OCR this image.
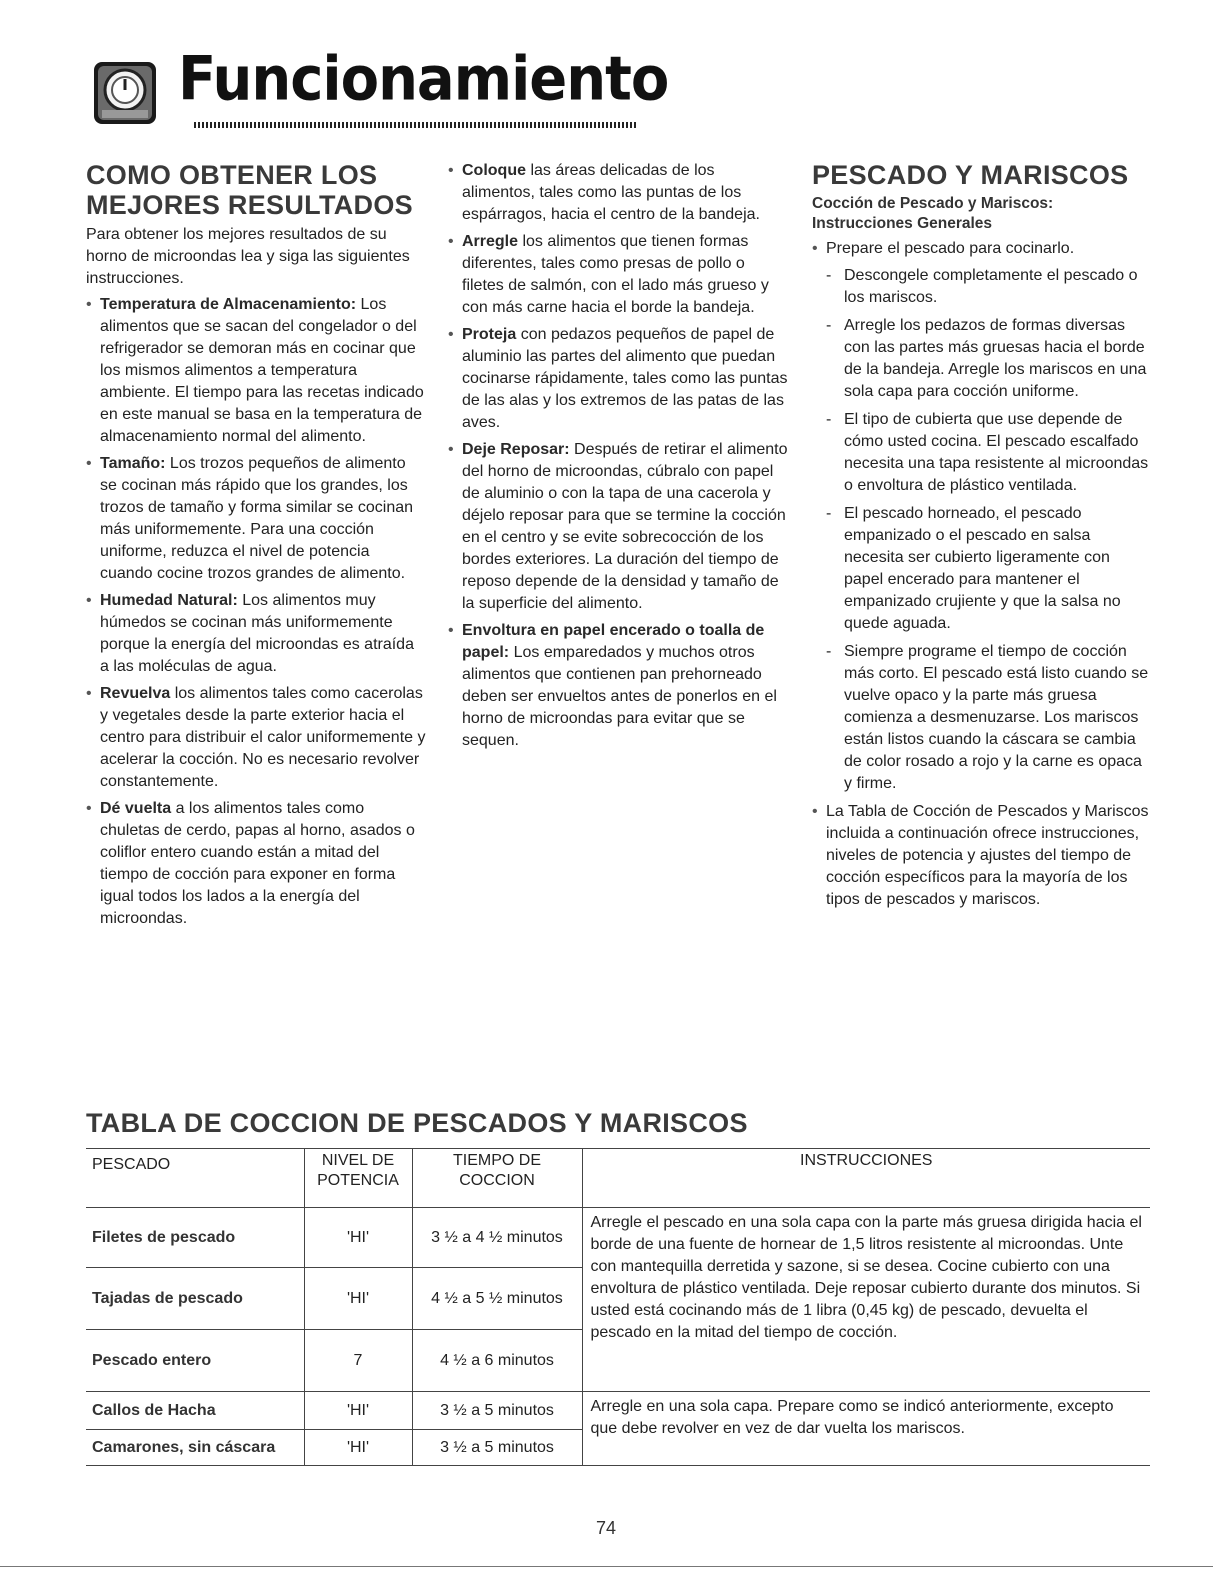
Funcionamiento
COMO OBTENER LOS MEJORES RESULTADOS

Para obtener los mejores resultados de su horno de microondas lea y siga las siguientes instrucciones.

• Temperatura de Almacenamiento: Los alimentos que se sacan del congelador o del refrigerador se demoran más en cocinar que los mismos alimentos a temperatura ambiente. El tiempo para las recetas indicado en este manual se basa en la temperatura de almacenamiento normal del alimento.
• Tamaño: Los trozos pequeños de alimento se cocinan más rápido que los grandes, los trozos de tamaño y forma similar se cocinan más uniformemente. Para una cocción uniforme, reduzca el nivel de potencia cuando cocine trozos grandes de alimento.
• Humedad Natural: Los alimentos muy húmedos se cocinan más uniformemente porque la energía del microondas es atraída a las moléculas de agua.
• Revuelva los alimentos tales como cacerolas y vegetales desde la parte exterior hacia el centro para distribuir el calor uniformemente y acelerar la cocción. No es necesario revolver constantemente.
• Dé vuelta a los alimentos tales como chuletas de cerdo, papas al horno, asados o coliflor entero cuando están a mitad del tiempo de cocción para exponer en forma igual todos los lados a la energía del microondas.
• Coloque las áreas delicadas de los alimentos, tales como las puntas de los espárragos, hacia el centro de la bandeja.
• Arregle los alimentos que tienen formas diferentes, tales como presas de pollo o filetes de salmón, con el lado más grueso y con más carne hacia el borde la bandeja.
• Proteja con pedazos pequeños de papel de aluminio las partes del alimento que puedan cocinarse rápidamente, tales como las puntas de las alas y los extremos de las patas de las aves.
• Deje Reposar: Después de retirar el alimento del horno de microondas, cúbralo con papel de aluminio o con la tapa de una cacerola y déjelo reposar para que se termine la cocción en el centro y se evite sobrecocción de los bordes exteriores. La duración del tiempo de reposo depende de la densidad y tamaño de la superficie del alimento.
• Envoltura en papel encerado o toalla de papel: Los emparedados y muchos otros alimentos que contienen pan prehorneado deben ser envueltos antes de ponerlos en el horno de microondas para evitar que se sequen.
PESCADO Y MARISCOS
Cocción de Pescado y Mariscos: Instrucciones Generales
• Prepare el pescado para cocinarlo.
- Descongele completamente el pescado o los mariscos.
- Arregle los pedazos de formas diversas con las partes más gruesas hacia el borde de la bandeja. Arregle los mariscos en una sola capa para cocción uniforme.
- El tipo de cubierta que use depende de cómo usted cocina. El pescado escalfado necesita una tapa resistente al microondas o envoltura de plástico ventilada.
- El pescado horneado, el pescado empanizado o el pescado en salsa necesita ser cubierto ligeramente con papel encerado para mantener el empanizado crujiente y que la salsa no quede aguada.
- Siempre programe el tiempo de cocción más corto. El pescado está listo cuando se vuelve opaco y la parte más gruesa comienza a desmenuzarse. Los mariscos están listos cuando la cáscara se cambia de color rosado a rojo y la carne es opaca y firme.
• La Tabla de Cocción de Pescados y Mariscos incluida a continuación ofrece instrucciones, niveles de potencia y ajustes del tiempo de cocción específicos para la mayoría de los tipos de pescados y mariscos.
TABLA DE COCCION DE PESCADOS Y MARISCOS
PESCADO	NIVEL DE POTENCIA	TIEMPO DE COCCION	INSTRUCCIONES
Filetes de pescado	'HI'	3 ½ a 4 ½ minutos	Arregle el pescado en una sola capa con la parte más gruesa dirigida hacia el borde de una fuente de hornear de 1,5 litros resistente al microondas. Unte con mantequilla derretida y sazone, si se desea. Cocine cubierto con una envoltura de plástico ventilada. Deje reposar cubierto durante dos minutos. Si usted está cocinando más de 1 libra (0,45 kg) de pescado, devuelta el pescado en la mitad del tiempo de cocción.
Tajadas de pescado	'HI'	4 ½ a 5 ½ minutos	
Pescado entero	7	4 ½ a 6 minutos	
Callos de Hacha	'HI'	3 ½ a 5 minutos	Arregle en una sola capa. Prepare como se indicó anteriormente, excepto que debe revolver en vez de dar vuelta los mariscos.
Camarones, sin cáscara	'HI'	3 ½ a 5 minutos	
74
